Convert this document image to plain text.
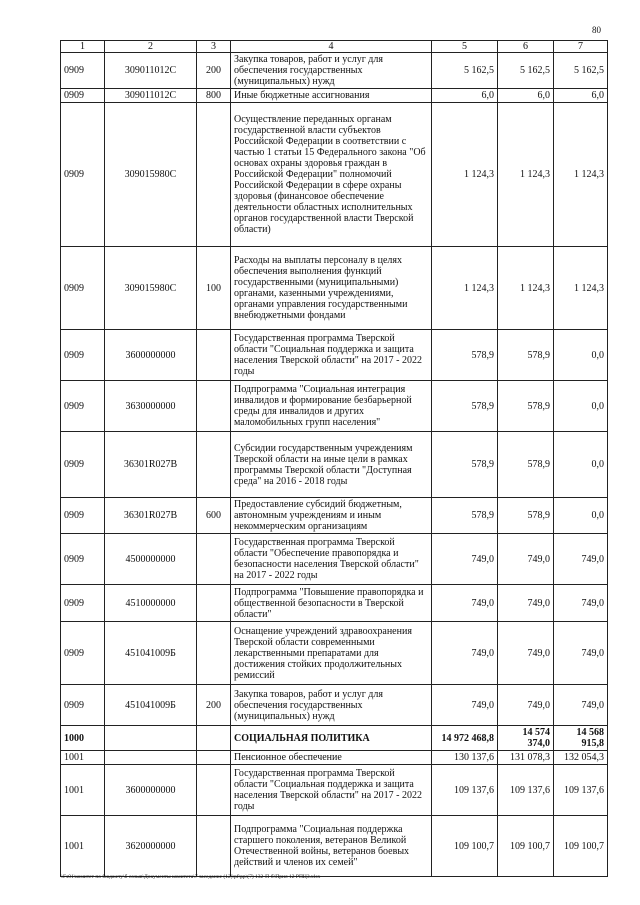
80
1	2	3	4	5	6	7
0909	309011012С	200	Закупка товаров, работ и услуг для обеспечения государственных (муниципальных) нужд	5 162,5	5 162,5	5 162,5
0909	309011012С	800	Иные бюджетные ассигнования	6,0	6,0	6,0
0909	309015980С		Осуществление переданных органам государственной власти субъектов Российской Федерации в соответствии с частью 1 статьи 15 Федерального закона "Об основах охраны здоровья граждан в Российской Федерации" полномочий Российской Федерации в сфере охраны здоровья (финансовое обеспечение деятельности областных исполнительных органов государственной власти Тверской области)	1 124,3	1 124,3	1 124,3
0909	309015980С	100	Расходы на выплаты персоналу в целях обеспечения выполнения функций государственными (муниципальными) органами, казенными учреждениями, органами управления государственными внебюджетными фондами	1 124,3	1 124,3	1 124,3
0909	3600000000		Государственная программа Тверской области "Социальная поддержка и защита населения Тверской области" на 2017 - 2022 годы	578,9	578,9	0,0
0909	3630000000		Подпрограмма "Социальная интеграция инвалидов и формирование безбарьерной среды для инвалидов и других маломобильных групп населения"	578,9	578,9	0,0
0909	36301R027B		Субсидии государственным учреждениям Тверской области на иные цели в рамках программы Тверской области "Доступная среда" на 2016 - 2018 годы	578,9	578,9	0,0
0909	36301R027B	600	Предоставление субсидий бюджетным, автономным учреждениям и иным некоммерческим организациям	578,9	578,9	0,0
0909	4500000000		Государственная программа Тверской области "Обеспечение правопорядка и безопасности населения Тверской области" на 2017 - 2022 годы	749,0	749,0	749,0
0909	4510000000		Подпрограмма "Повышение правопорядка и общественной безопасности в Тверской области"	749,0	749,0	749,0
0909	451041009Б		Оснащение учреждений здравоохранения Тверской области современными лекарственными препаратами для достижения стойких продолжительных ремиссий	749,0	749,0	749,0
0909	451041009Б	200	Закупка товаров, работ и услуг для обеспечения государственных (муниципальных) нужд	749,0	749,0	749,0
1000			СОЦИАЛЬНАЯ ПОЛИТИКА	14 972 468,8	14 574 374,0	14 568 915,8
1001			Пенсионное обеспечение	130 137,6	131 078,3	132 054,3
1001	3600000000		Государственная программа Тверской области "Социальная поддержка и защита населения Тверской области" на 2017 - 2022 годы	109 137,6	109 137,6	109 137,6
1001	3620000000		Подпрограмма "Социальная поддержка старшего поколения, ветеранов Великой Отечественной войны, ветеранов боевых действий и членов их семей"	109 100,7	109 100,7	109 100,7
\\Fs01\комитет по бюджету\б созыв\Документы комитета\7 заседание (12)\рf\рр\(7) 132-П-б\Прил 12 РПЦЗ.xlsx
